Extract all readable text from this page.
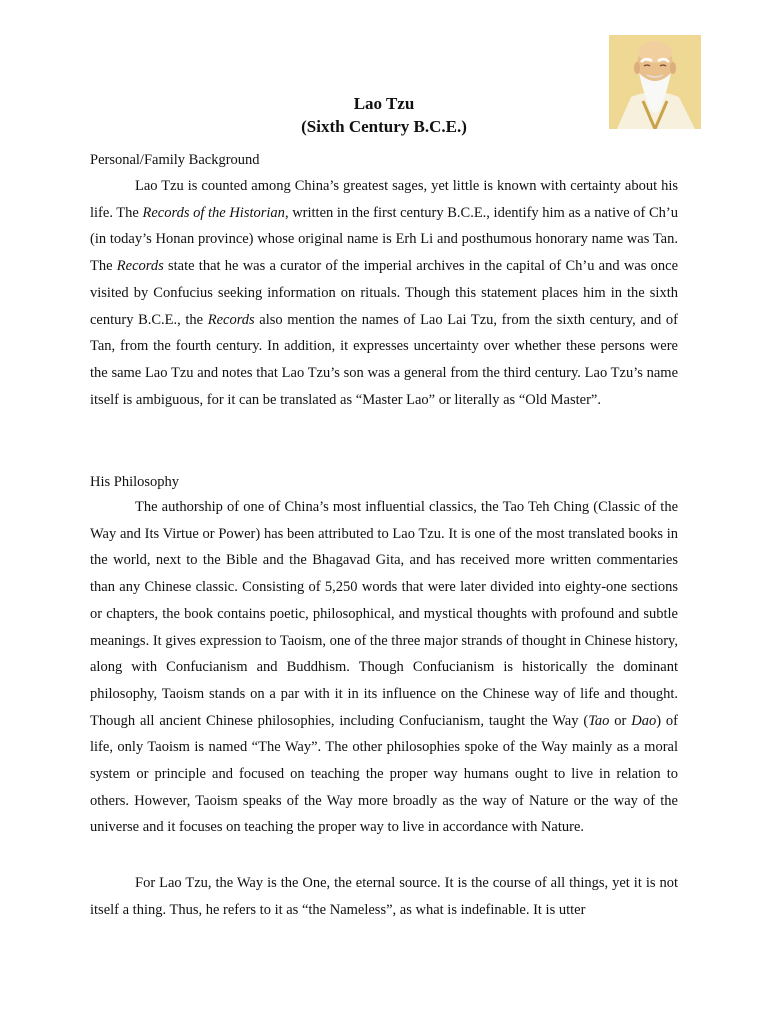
Lao Tzu
(Sixth Century B.C.E.)
Personal/Family Background

Lao Tzu is counted among China’s greatest sages, yet little is known with certainty about his life. The Records of the Historian, written in the first century B.C.E., identify him as a native of Ch’u (in today’s Honan province) whose original name is Erh Li and posthumous honorary name was Tan. The Records state that he was a curator of the imperial archives in the capital of Ch’u and was once visited by Confucius seeking information on rituals. Though this statement places him in the sixth century B.C.E., the Records also mention the names of Lao Lai Tzu, from the sixth century, and of Tan, from the fourth century. In addition, it expresses uncertainty over whether these persons were the same Lao Tzu and notes that Lao Tzu’s son was a general from the third century. Lao Tzu’s name itself is ambiguous, for it can be translated as “Master Lao” or literally as “Old Master”.

His Philosophy

The authorship of one of China’s most influential classics, the Tao Teh Ching (Classic of the Way and Its Virtue or Power) has been attributed to Lao Tzu. It is one of the most translated books in the world, next to the Bible and the Bhagavad Gita, and has received more written commentaries than any Chinese classic. Consisting of 5,250 words that were later divided into eighty-one sections or chapters, the book contains poetic, philosophical, and mystical thoughts with profound and subtle meanings. It gives expression to Taoism, one of the three major strands of thought in Chinese history, along with Confucianism and Buddhism. Though Confucianism is historically the dominant philosophy, Taoism stands on a par with it in its influence on the Chinese way of life and thought. Though all ancient Chinese philosophies, including Confucianism, taught the Way (Tao or Dao) of life, only Taoism is named “The Way”. The other philosophies spoke of the Way mainly as a moral system or principle and focused on teaching the proper way humans ought to live in relation to others. However, Taoism speaks of the Way more broadly as the way of Nature or the way of the universe and it focuses on teaching the proper way to live in accordance with Nature.

For Lao Tzu, the Way is the One, the eternal source. It is the course of all things, yet it is not itself a thing. Thus, he refers to it as “the Nameless”, as what is indefinable. It is utter
